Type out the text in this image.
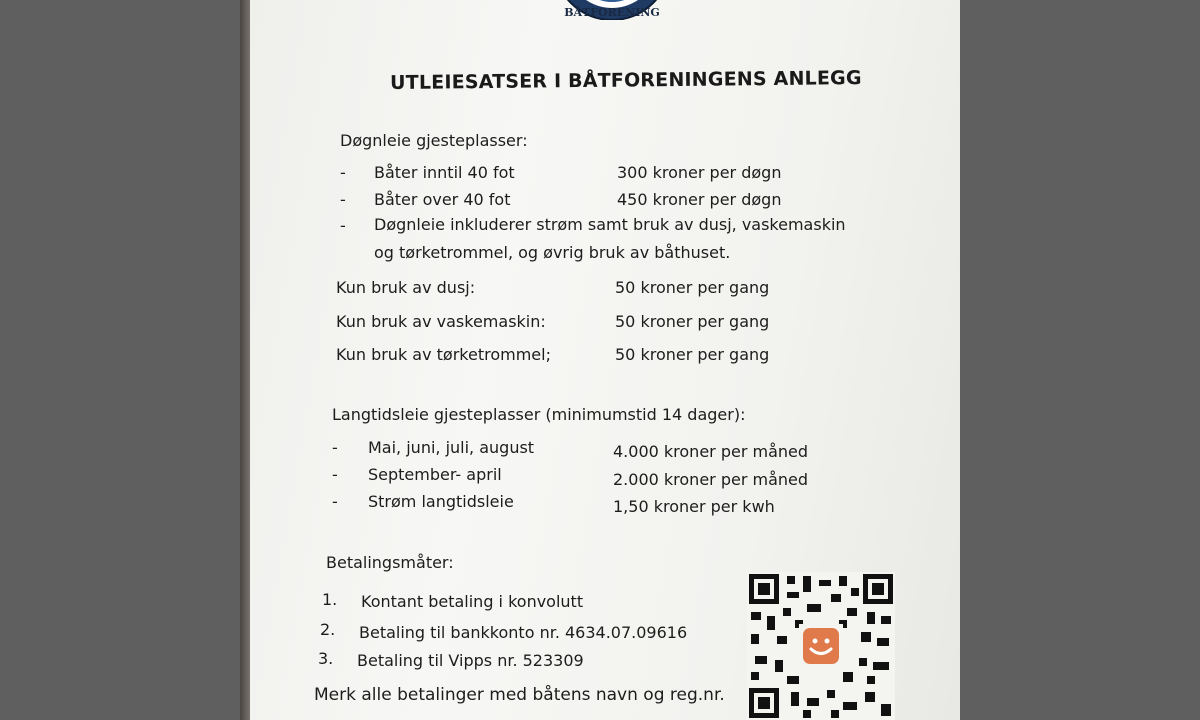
BÅTFORENING
UTLEIESATSER I BÅTFORENINGENS ANLEGG
Døgnleie gjesteplasser:
- Båter inntil 40 fot	300 kroner per døgn
- Båter over 40 fot	450 kroner per døgn
- Døgnleie inkluderer strøm samt bruk av dusj, vaskemaskin
og tørketrommel, og øvrig bruk av båthuset.
Kun bruk av dusj:	50 kroner per gang
Kun bruk av vaskemaskin:	50 kroner per gang
Kun bruk av tørketrommel;	50 kroner per gang
Langtidsleie gjesteplasser (minimumstid 14 dager):
- Mai, juni, juli, august	4.000 kroner per måned
- September- april	2.000 kroner per måned
- Strøm langtidsleie	1,50 kroner per kwh
Betalingsmåter:
1. Kontant betaling i konvolutt
2. Betaling til bankkonto nr. 4634.07.09616
3. Betaling til Vipps nr. 523309
Merk alle betalinger med båtens navn og reg.nr.
